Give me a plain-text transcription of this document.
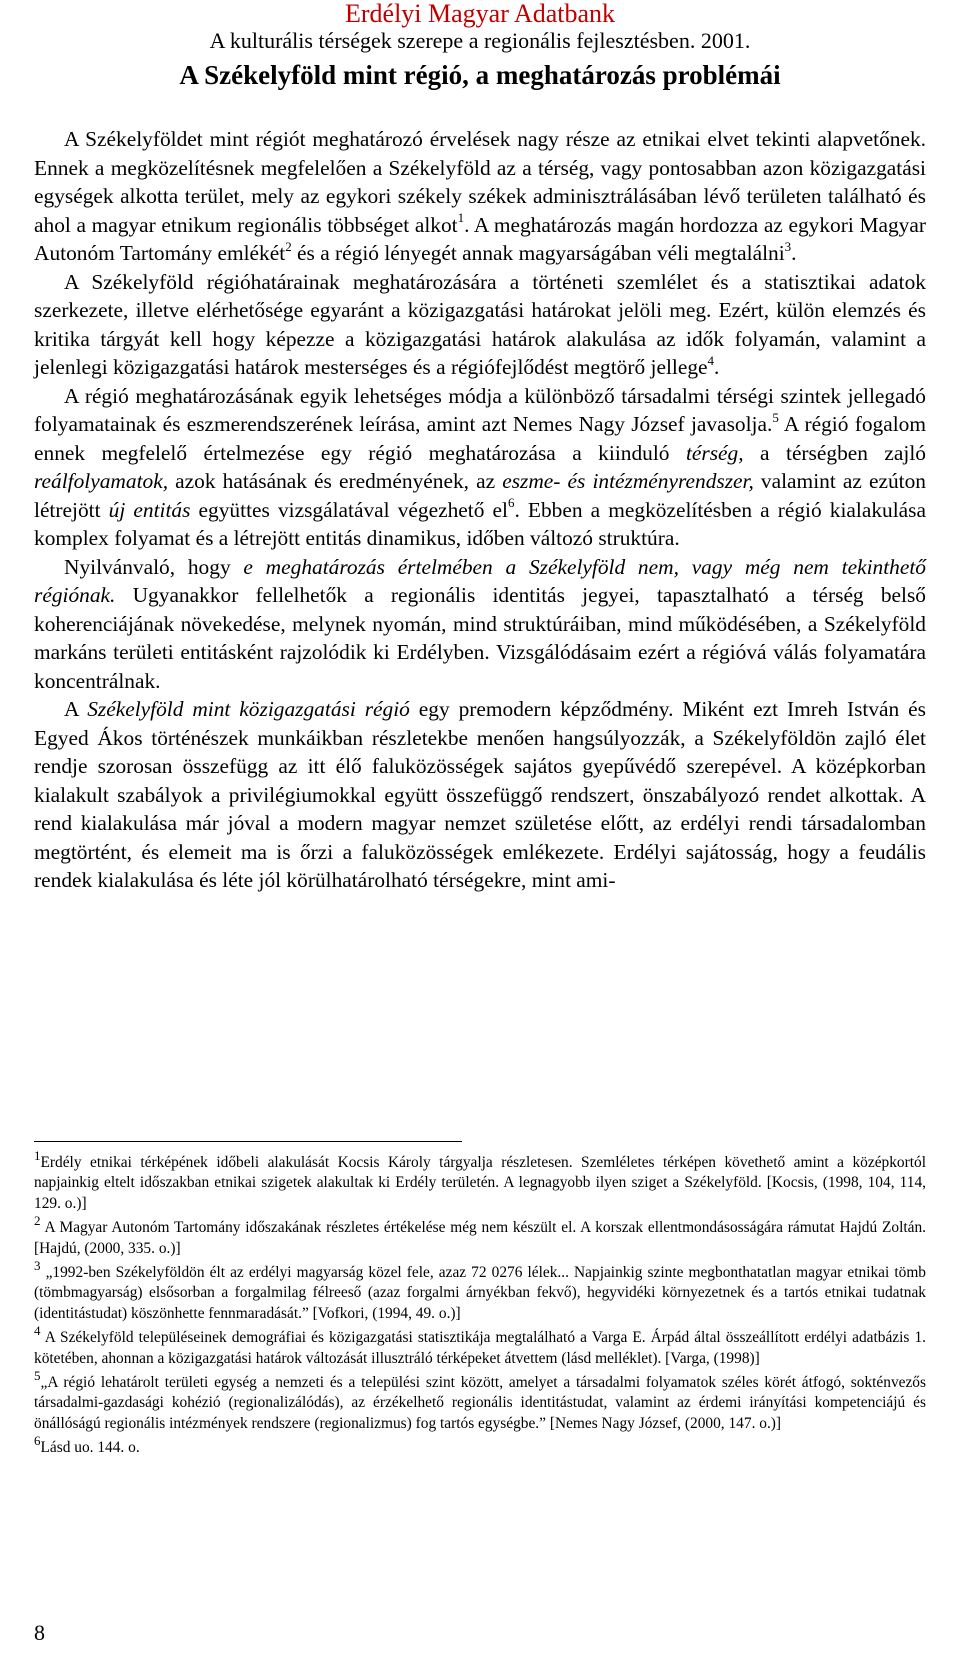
Erdélyi Magyar Adatbank
A kulturális térségek szerepe a regionális fejlesztésben. 2001.
A Székelyföld mint régió, a meghatározás problémái

A Székelyföldet mint régiót meghatározó érvelések nagy része az etnikai elvet tekinti alapvetőnek. Ennek a megközelítésnek megfelelően a Székelyföld az a térség, vagy pontosabban azon közigazgatási egységek alkotta terület, mely az egykori székely székek adminisztrálásában lévő területen található és ahol a magyar etnikum regionális többséget alkot$^1$. A meghatározás magán hordozza az egykori Magyar Autonóm Tartomány emlékét$^2$ és a régió lényegét annak magyarságában véli megtalálni$^3$.

A Székelyföld régióhatárainak meghatározására a történeti szemlélet és a statisztikai adatok szerkezete, illetve elérhetősége egyaránt a közigazgatási határokat jelöli meg. Ezért, külön elemzés és kritika tárgyát kell hogy képezze a közigazgatási határok alakulása az idők folyamán, valamint a jelenlegi közigazgatási határok mesterséges és a régiófejlődést megtörő jellege$^4$.

A régió meghatározásának egyik lehetséges módja a különböző társadalmi térségi szintek jellegadó folyamatainak és eszmerendszerének leírása, amint azt Nemes Nagy József javasolja.$^5$ A régió fogalom ennek megfelelő értelmezése egy régió meghatározása a kiinduló térség, a térségben zajló reálfolyamatok, azok hatásának és eredményének, az eszme- és intézményrendszer, valamint az ezúton létrejött új entitás együttes vizsgálatával végezhető $el^6$. Ebben a megközelítésben a régió kialakulása komplex folyamat és a létrejött entitás dinamikus, időben változó struktúra.

Nyilvánvaló, hogy e meghatározás értelmében a Székelyföld nem, vagy még nem tekinthető régiónak. Ugyanakkor fellelhetők a regionális identitás jegyei, tapasztalható a térség belső koherenciájának növekedése, melynek nyomán, mind struktúráiban, mind működésében, a Székelyföld markáns területi entitásként rajzolódik ki Erdélyben. Vizsgálódásaim ezért a régióvá válás folyamatára koncentrálnak.

A Székelyföld mint közigazgatási régió egy premodern képződmény. Miként ezt Imreh István és Egyed Ákos történészek munkáikban részletekbe menően hangsúlyozzák, a Székelyföldön zajló élet rendje szorosan összefügg az itt élő faluközösségek sajátos gyepűvédő szerepével. A középkorban kialakult szabályok a privilégiumokkal együtt összefüggő rendszert, önszabályozó rendet alkottak. A rend kialakulása már jóval a modern magyar nemzet születése előtt, az erdélyi rendi társadalomban megtörtént, és elemeit ma is őrzi a faluközösségek emlékezete. Erdélyi sajátosság, hogy a feudális rendek kialakulása és léte jól körülhatárolható térségekre, mint ami-

$^1$Erdély etnikai térképének időbeli alakulását Kocsis Károly tárgyalja részletesen. Szemléletes térképen követhető amint a középkortól napjainkig eltelt időszakban etnikai szigetek alakultak ki Erdély területén. A legnagyobb ilyen sziget a Székelyföld. [Kocsis, (1998, 104, 114, 129. o.)]

$^2$ A Magyar Autonóm Tartomány időszakának részletes értékelése még nem készült el. A korszak ellentmondásosságára rámutat Hajdú Zoltán. [Hajdú, (2000, 335. o.)]

$^3$ „1992-ben Székelyföldön élt az erdélyi magyarság közel fele, azaz 72 0276 lélek... Napjainkig szinte megbonthatatlan magyar etnikai tömb (tömbmagyarság) elsősorban a forgalmilag félreeső (azaz forgalmi árnyékban fekvő), hegyvidéki környezetnek és a tartós etnikai tudatnak (identitástudat) köszönhette fennmaradását.” [Vofkori, (1994, 49. o.)]

$^4$ A Székelyföld településeinek demográfiai és közigazgatási statisztikája megtalálható a Varga E. Árpád által összeállított erdélyi adatbázis 1. kötetében, ahonnan a közigazgatási határok változását illusztráló térképeket átvettem (lásd melléklet). [Varga, (1998)]

$^5$„A régió lehatárolt területi egység a nemzeti és a települési szint között, amelyet a társadalmi folyamatok széles körét átfogó, sokténvezős társadalmi-gazdasági kohézió (regionalizálódás), az érzékelhető regionális identitástudat, valamint az érdemi irányítási kompetenciájú és önállóságú regionális intézmények rendszere (regionalizmus) fog tartós egységbe.” [Nemes Nagy József, (2000, 147. o.)]

$^6$Lásd uo. 144. o.

8
